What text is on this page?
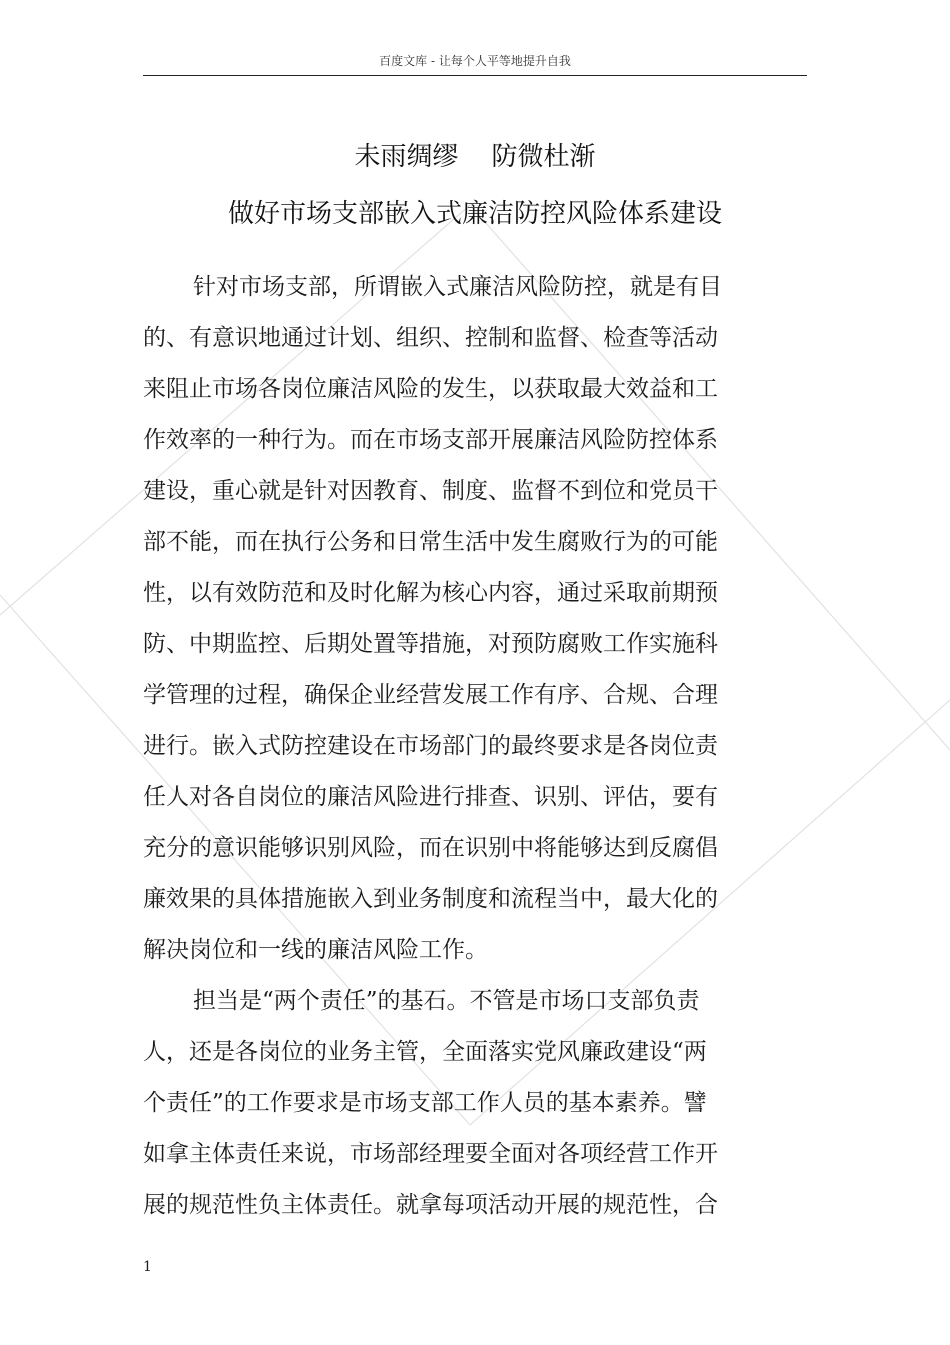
百度文库 - 让每个人平等地提升自我
未雨绸缪    防微杜渐
做好市场支部嵌入式廉洁防控风险体系建设
针对市场支部，所谓嵌入式廉洁风险防控，就是有目
的、有意识地通过计划、组织、控制和监督、检查等活动
来阻止市场各岗位廉洁风险的发生，以获取最大效益和工
作效率的一种行为。而在市场支部开展廉洁风险防控体系
建设，重心就是针对因教育、制度、监督不到位和党员干
部不能，而在执行公务和日常生活中发生腐败行为的可能
性，以有效防范和及时化解为核心内容，通过采取前期预
防、中期监控、后期处置等措施，对预防腐败工作实施科
学管理的过程，确保企业经营发展工作有序、合规、合理
进行。嵌入式防控建设在市场部门的最终要求是各岗位责
任人对各自岗位的廉洁风险进行排查、识别、评估，要有
充分的意识能够识别风险，而在识别中将能够达到反腐倡
廉效果的具体措施嵌入到业务制度和流程当中，最大化的
解决岗位和一线的廉洁风险工作。
担当是“两个责任”的基石。不管是市场口支部负责
人，还是各岗位的业务主管，全面落实党风廉政建设“两
个责任”的工作要求是市场支部工作人员的基本素养。譬
如拿主体责任来说，市场部经理要全面对各项经营工作开
展的规范性负主体责任。就拿每项活动开展的规范性，合
1
